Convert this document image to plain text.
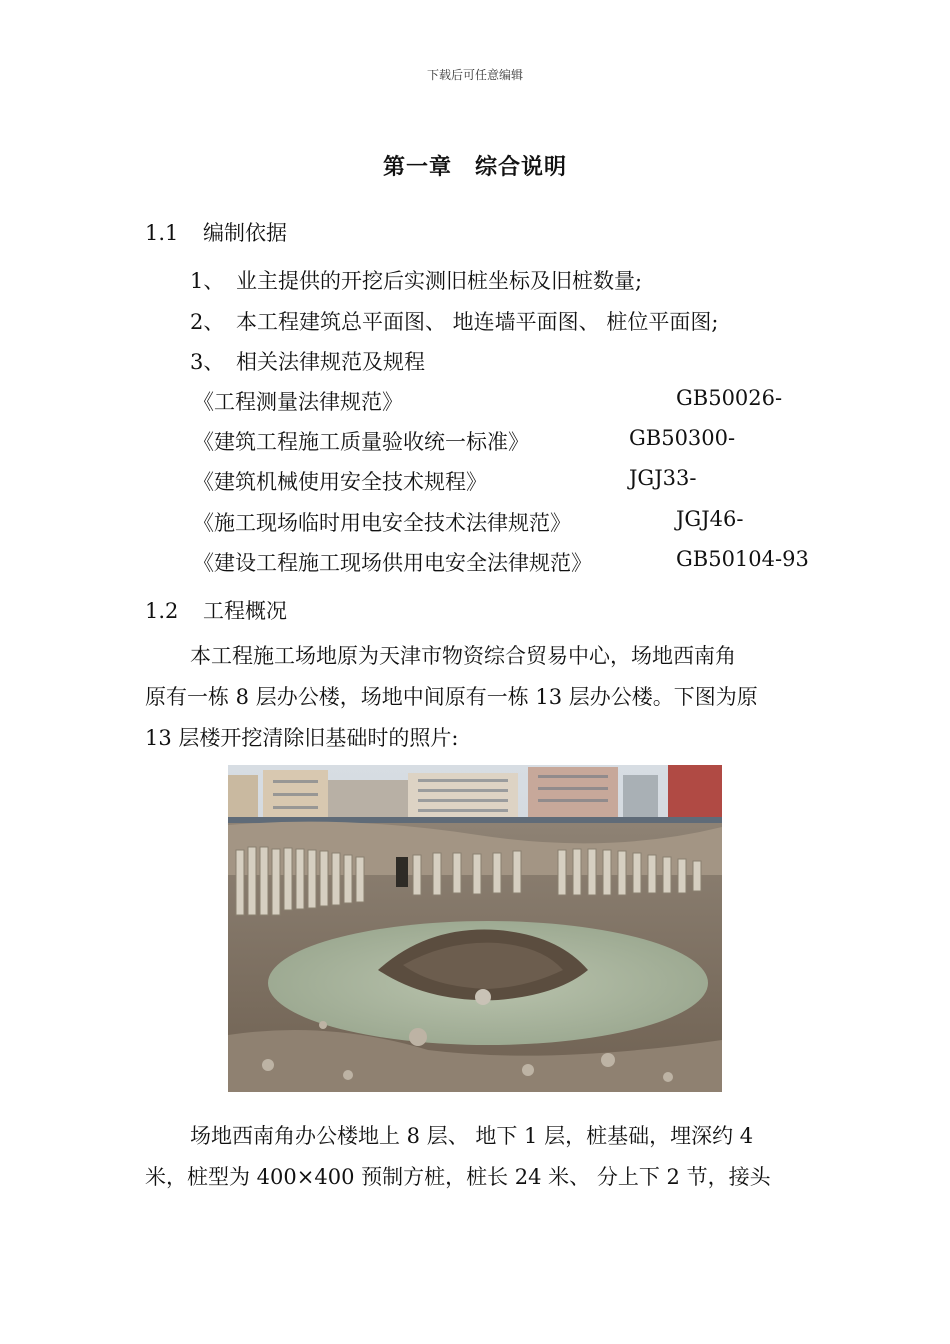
下载后可任意编辑
第一章　综合说明
1.1 编制依据
1、 业主提供的开挖后实测旧桩坐标及旧桩数量;
2、 本工程建筑总平面图、 地连墙平面图、 桩位平面图;
3、 相关法律规范及规程
《工程测量法律规范》	GB50026-
《建筑工程施工质量验收统一标准》	GB50300-
《建筑机械使用安全技术规程》	JGJ33-
《施工现场临时用电安全技术法律规范》	JGJ46-
《建设工程施工现场供用电安全法律规范》	GB50104-93
1.2 工程概况
本工程施工场地原为天津市物资综合贸易中心，场地西南角
原有一栋 8 层办公楼，场地中间原有一栋 13 层办公楼。下图为原
13 层楼开挖清除旧基础时的照片:
场地西南角办公楼地上 8 层、 地下 1 层，桩基础，埋深约 4
米，桩型为 400×400 预制方桩，桩长 24 米、 分上下 2 节，接头
